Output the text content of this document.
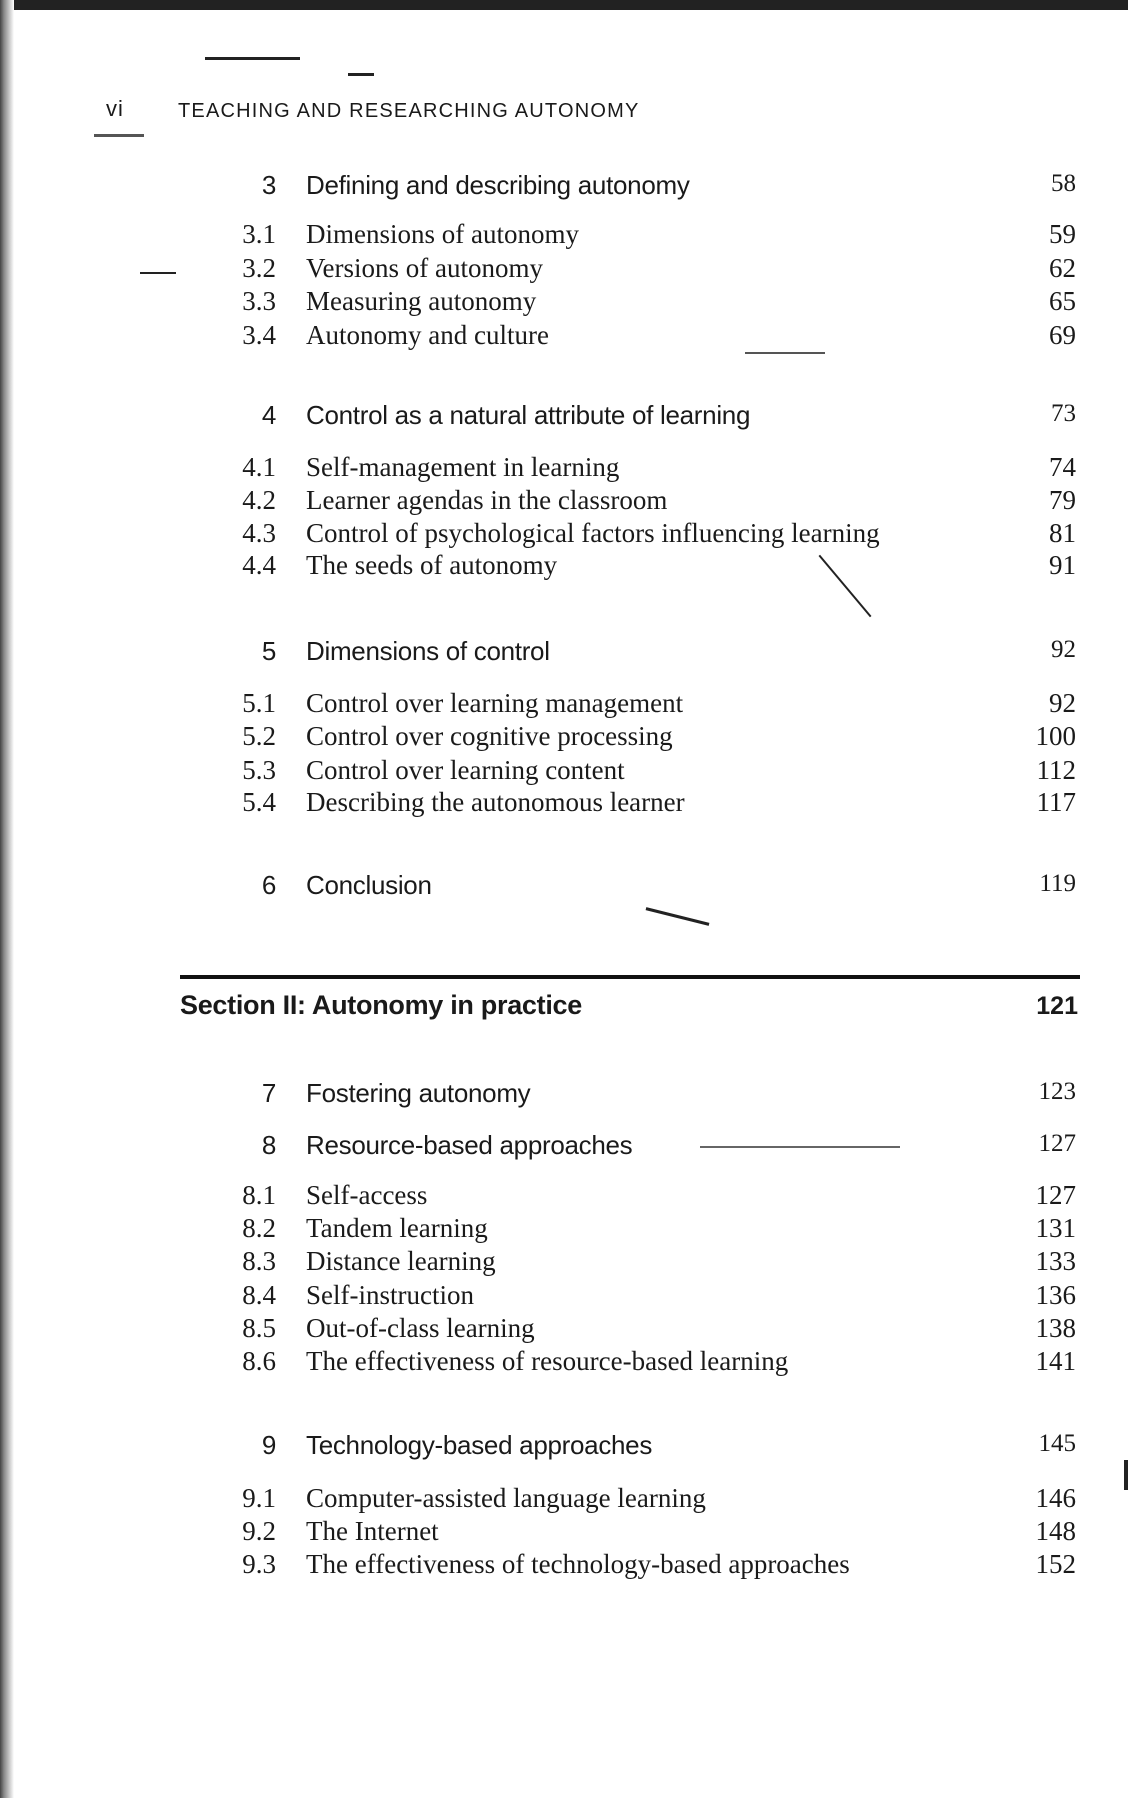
vi	TEACHING AND RESEARCHING AUTONOMY
3 Defining and describing autonomy	58
3.1 Dimensions of autonomy	59
3.2 Versions of autonomy	62
3.3 Measuring autonomy	65
3.4 Autonomy and culture	69
4 Control as a natural attribute of learning	73
4.1 Self-management in learning	74
4.2 Learner agendas in the classroom	79
4.3 Control of psychological factors influencing learning	81
4.4 The seeds of autonomy	91
5 Dimensions of control	92
5.1 Control over learning management	92
5.2 Control over cognitive processing	100
5.3 Control over learning content	112
5.4 Describing the autonomous learner	117
6 Conclusion	119
Section II: Autonomy in practice	121
7 Fostering autonomy	123
8 Resource-based approaches	127
8.1 Self-access	127
8.2 Tandem learning	131
8.3 Distance learning	133
8.4 Self-instruction	136
8.5 Out-of-class learning	138
8.6 The effectiveness of resource-based learning	141
9 Technology-based approaches	145
9.1 Computer-assisted language learning	146
9.2 The Internet	148
9.3 The effectiveness of technology-based approaches	152
